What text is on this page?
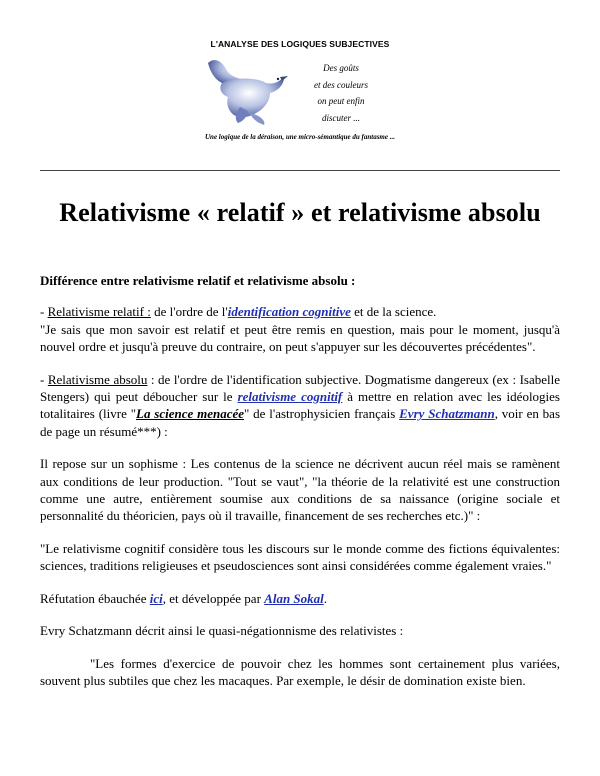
L'ANALYSE DES LOGIQUES SUBJECTIVES
Des goûts
et des couleurs
on peut enfin
discuter ...
Une logique de la déraison, une micro-sémantique du fantasme ...
Relativisme « relatif » et relativisme absolu

Différence entre relativisme relatif et relativisme absolu :

- Relativisme relatif : de l'ordre de l'identification cognitive et de la science.
"Je sais que mon savoir est relatif et peut être remis en question, mais pour le moment, jusqu'à nouvel ordre et jusqu'à preuve du contraire, on peut s'appuyer sur les découvertes précédentes".

- Relativisme absolu : de l'ordre de l'identification subjective. Dogmatisme dangereux (ex : Isabelle Stengers) qui peut déboucher sur le relativisme cognitif à mettre en relation avec les idéologies totalitaires (livre "La science menacée" de l'astrophysicien français Evry Schatzmann, voir en bas de page un résumé***) :

Il repose sur un sophisme : Les contenus de la science ne décrivent aucun réel mais se ramènent aux conditions de leur production. "Tout se vaut", "la théorie de la relativité est une construction comme une autre, entièrement soumise aux conditions de sa naissance (origine sociale et personnalité du théoricien, pays où il travaille, financement de ses recherches etc.)" :

"Le relativisme cognitif considère tous les discours sur le monde comme des fictions équivalentes: sciences, traditions religieuses et pseudosciences sont ainsi considérées comme également vraies."

Réfutation ébauchée ici, et développée par Alan Sokal.

Evry Schatzmann décrit ainsi le quasi-négationnisme des relativistes :

"Les formes d'exercice de pouvoir chez les hommes sont certainement plus variées, souvent plus subtiles que chez les macaques. Par exemple, le désir de domination existe bien.
